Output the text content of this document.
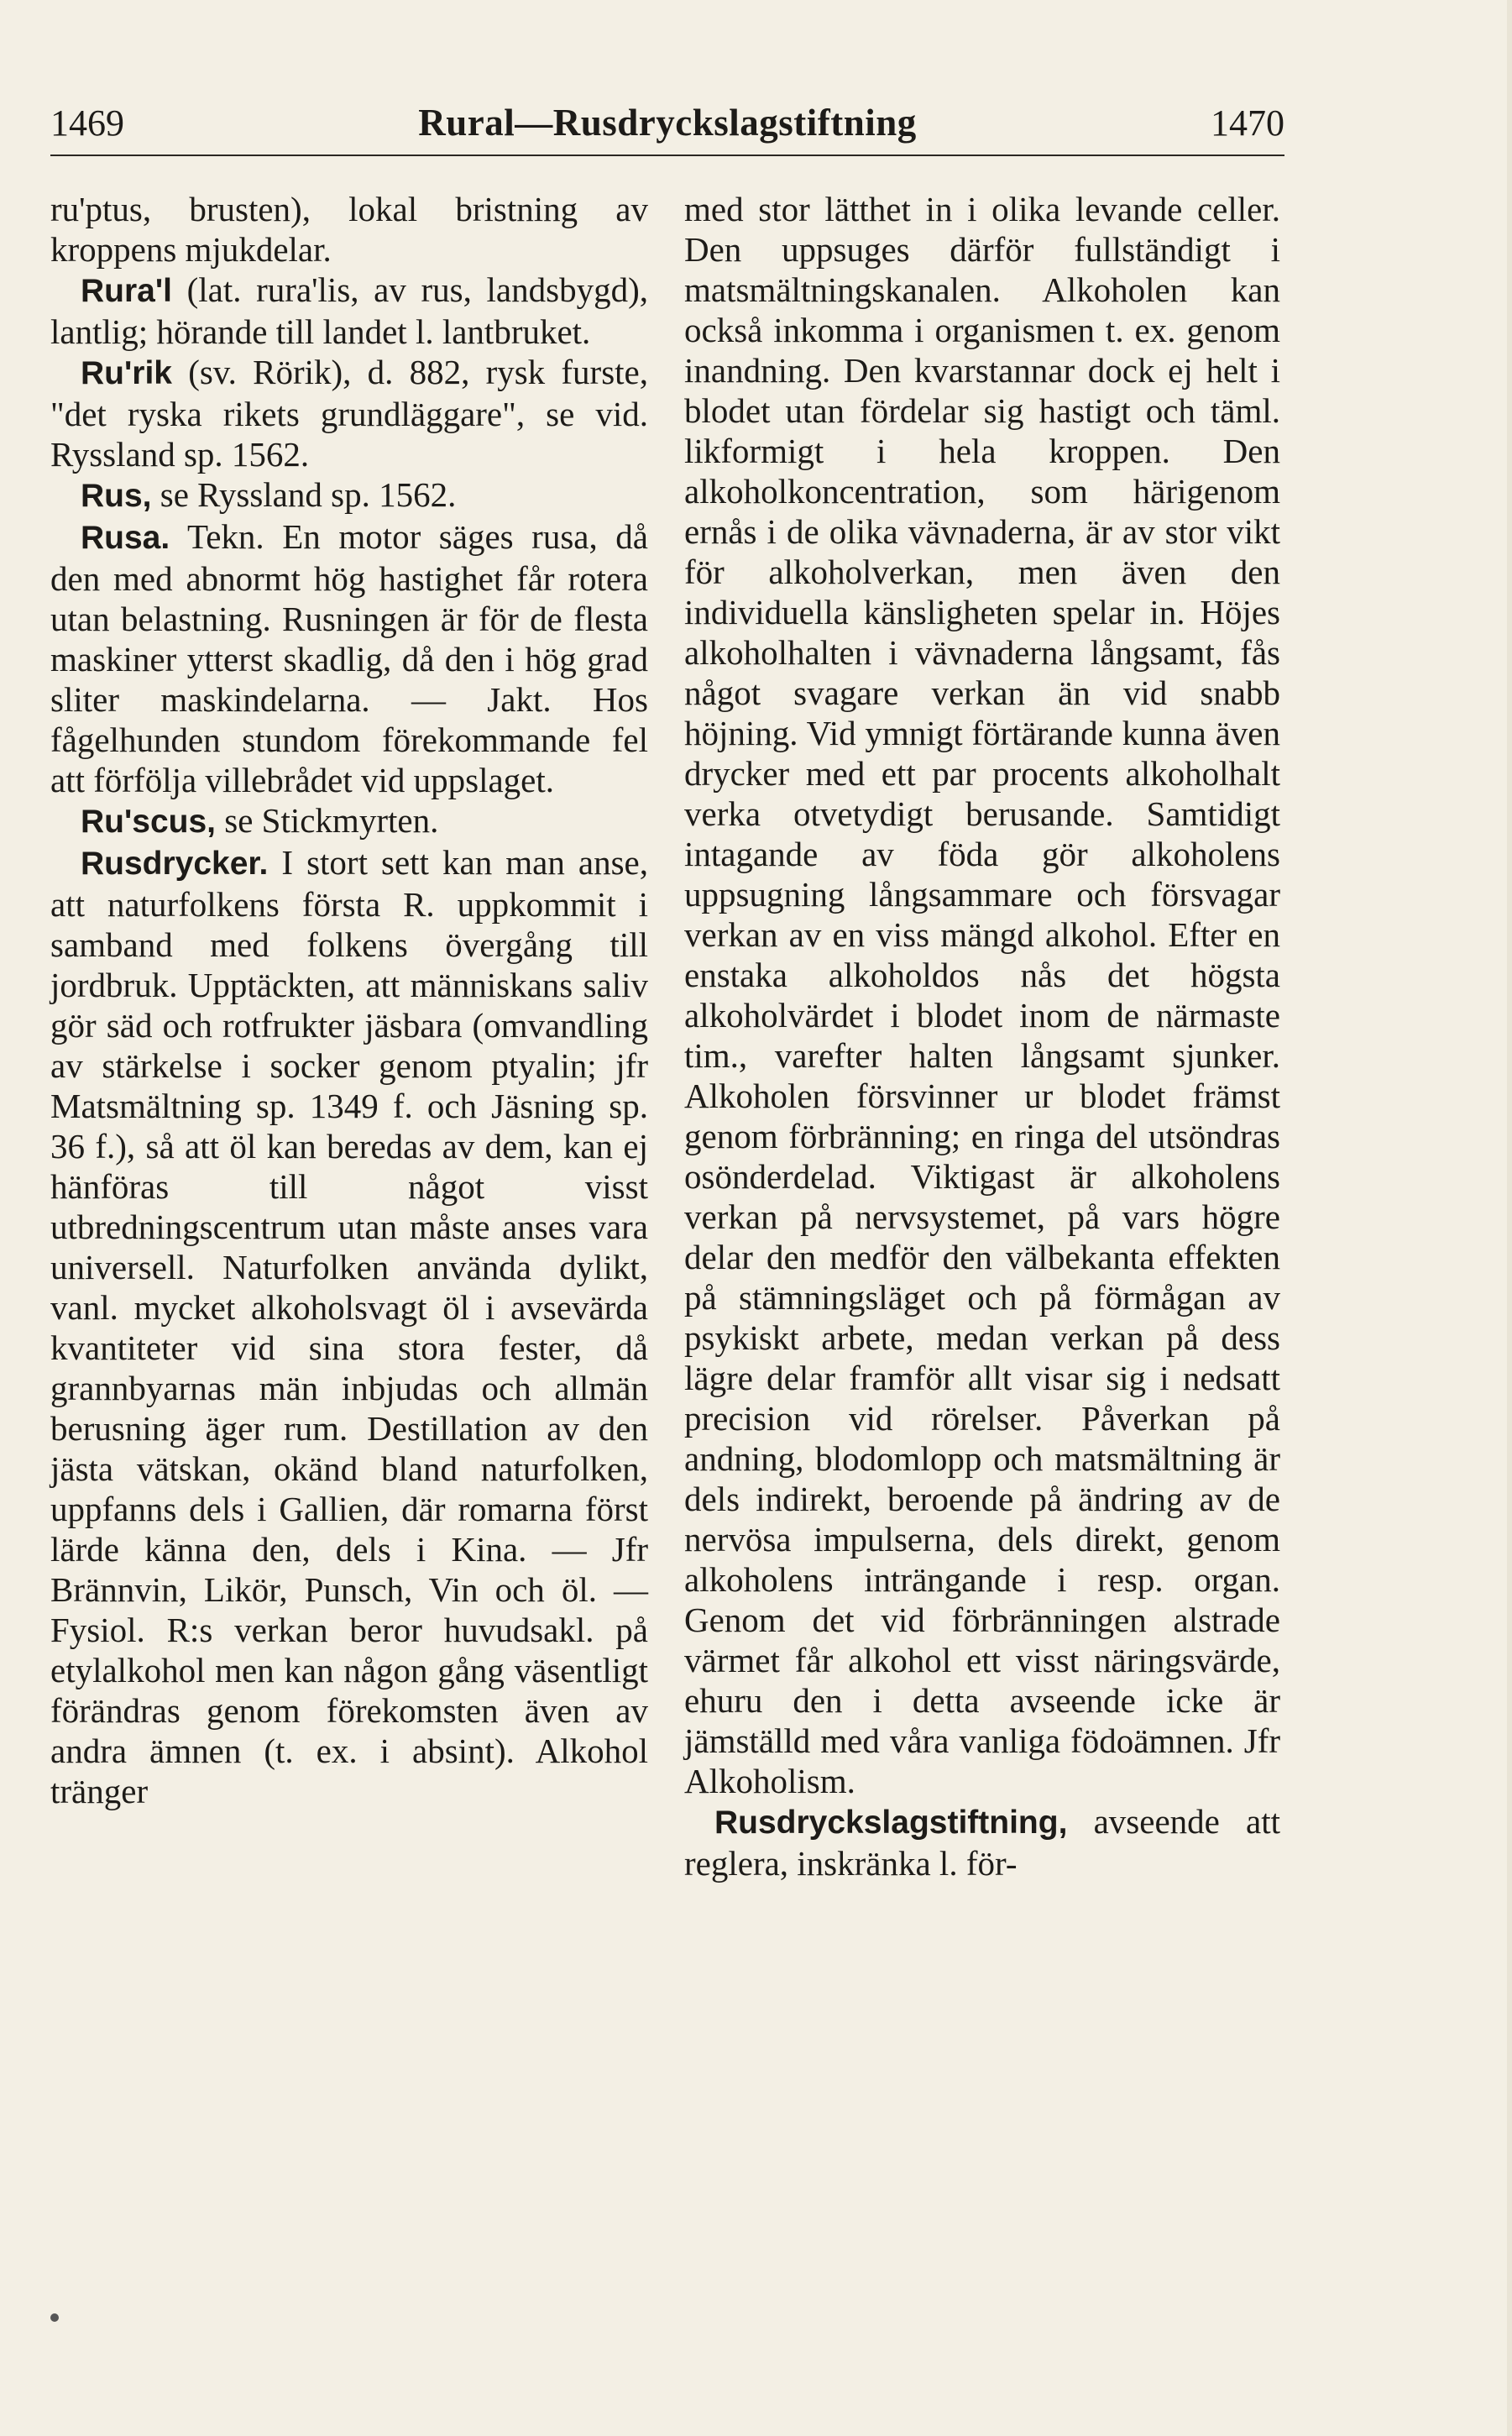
1469	Rural—Rusdryckslagstiftning	1470

ru'ptus, brusten), lokal bristning av kroppens mjukdelar.

Rura'l (lat. rura'lis, av rus, landsbygd), lantlig; hörande till landet l. lantbruket.

Ru'rik (sv. Rörik), d. 882, rysk furste, "det ryska rikets grundläggare", se vid. Ryssland sp. 1562.

Rus, se Ryssland sp. 1562.

Rusa. Tekn. En motor säges rusa, då den med abnormt hög hastighet får rotera utan belastning. Rusningen är för de flesta maskiner ytterst skadlig, då den i hög grad sliter maskindelarna. — Jakt. Hos fågelhunden stundom förekommande fel att förfölja villebrådet vid uppslaget.

Ru'scus, se Stickmyrten.

Rusdrycker. I stort sett kan man anse, att naturfolkens första R. uppkommit i samband med folkens övergång till jordbruk. Upptäckten, att människans saliv gör säd och rotfrukter jäsbara (omvandling av stärkelse i socker genom ptyalin; jfr Matsmältning sp. 1349 f. och Jäsning sp. 36 f.), så att öl kan beredas av dem, kan ej hänföras till något visst utbredningscentrum utan måste anses vara universell. Naturfolken använda dylikt, vanl. mycket alkoholsvagt öl i avsevärda kvantiteter vid sina stora fester, då grannbyarnas män inbjudas och allmän berusning äger rum. Destillation av den jästa vätskan, okänd bland naturfolken, uppfanns dels i Gallien, där romarna först lärde känna den, dels i Kina. — Jfr Brännvin, Likör, Punsch, Vin och öl. — Fysiol. R:s verkan beror huvudsakl. på etylalkohol men kan någon gång väsentligt förändras genom förekomsten även av andra ämnen (t. ex. i absint). Alkohol tränger

med stor lätthet in i olika levande celler. Den uppsuges därför fullständigt i matsmältningskanalen. Alkoholen kan också inkomma i organismen t. ex. genom inandning. Den kvarstannar dock ej helt i blodet utan fördelar sig hastigt och täml. likformigt i hela kroppen. Den alkoholkoncentration, som härigenom ernås i de olika vävnaderna, är av stor vikt för alkoholverkan, men även den individuella känsligheten spelar in. Höjes alkoholhalten i vävnaderna långsamt, fås något svagare verkan än vid snabb höjning. Vid ymnigt förtärande kunna även drycker med ett par procents alkoholhalt verka otvetydigt berusande. Samtidigt intagande av föda gör alkoholens uppsugning långsammare och försvagar verkan av en viss mängd alkohol. Efter en enstaka alkoholdos nås det högsta alkoholvärdet i blodet inom de närmaste tim., varefter halten långsamt sjunker. Alkoholen försvinner ur blodet främst genom förbränning; en ringa del utsöndras osönderdelad. Viktigast är alkoholens verkan på nervsystemet, på vars högre delar den medför den välbekanta effekten på stämningsläget och på förmågan av psykiskt arbete, medan verkan på dess lägre delar framför allt visar sig i nedsatt precision vid rörelser. Påverkan på andning, blodomlopp och matsmältning är dels indirekt, beroende på ändring av de nervösa impulserna, dels direkt, genom alkoholens inträngande i resp. organ. Genom det vid förbränningen alstrade värmet får alkohol ett visst näringsvärde, ehuru den i detta avseende icke är jämställd med våra vanliga födoämnen. Jfr Alkoholism.

Rusdryckslagstiftning, avseende att reglera, inskränka l. för-
